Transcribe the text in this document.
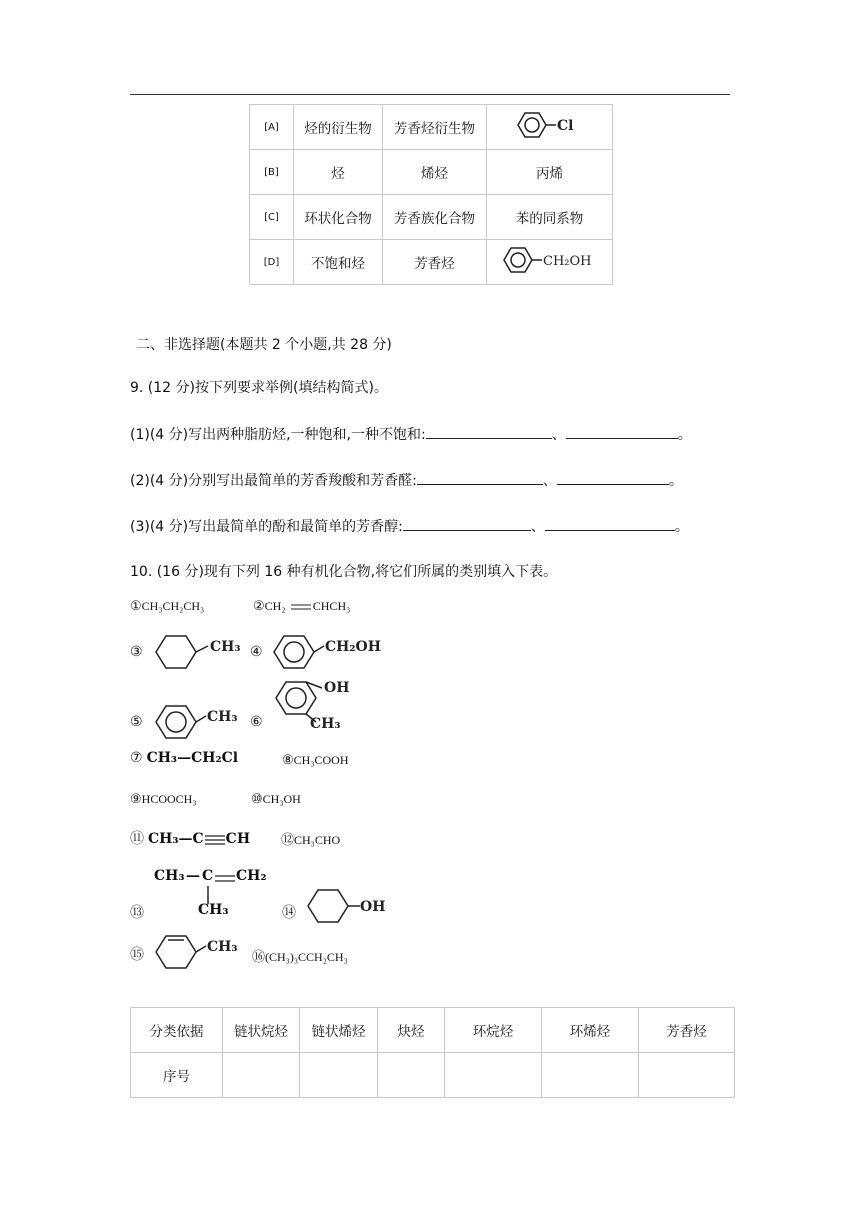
[A]	烃的衍生物	芳香烃衍生物	Cl

[B]	烃	烯烃	丙烯
[C]	环状化合物	芳香族化合物	苯的同系物
[D]	不饱和烃	芳香烃	CH₂OH
二、非选择题(本题共 2 个小题,共 28 分)
9. (12 分)按下列要求举例(填结构简式)。
(1)(4 分)写出两种脂肪烃,一种饱和,一种不饱和:	、	。
(2)(4 分)分别写出最简单的芳香羧酸和芳香醛:	、	。
(3)(4 分)写出最简单的酚和最简单的芳香醇:	、	。
10. (16 分)现有下列 16 种有机化合物,将它们所属的类别填入下表。
①CH₃CH₂CH₃	②CH₂ CHCH₃
③	CH₃ ④	CH₂OH
⑤	CH₃ ⑥
OH
CH₃
⑦ CH₃—CH₂Cl	⑧CH₃COOH
⑨HCOOCH₃	⑩CH₃OH
⑪ CH₃—C CH ⑫CH₃CHO
⑬
CH₃ — C CH₂
CH₃	⑭	OH
⑮
CH₃
⑯(CH₃)₃CCH₂CH₃
分类依据	链状烷烃	链状烯烃	炔烃	环烷烃	环烯烃	芳香烃
序号						
